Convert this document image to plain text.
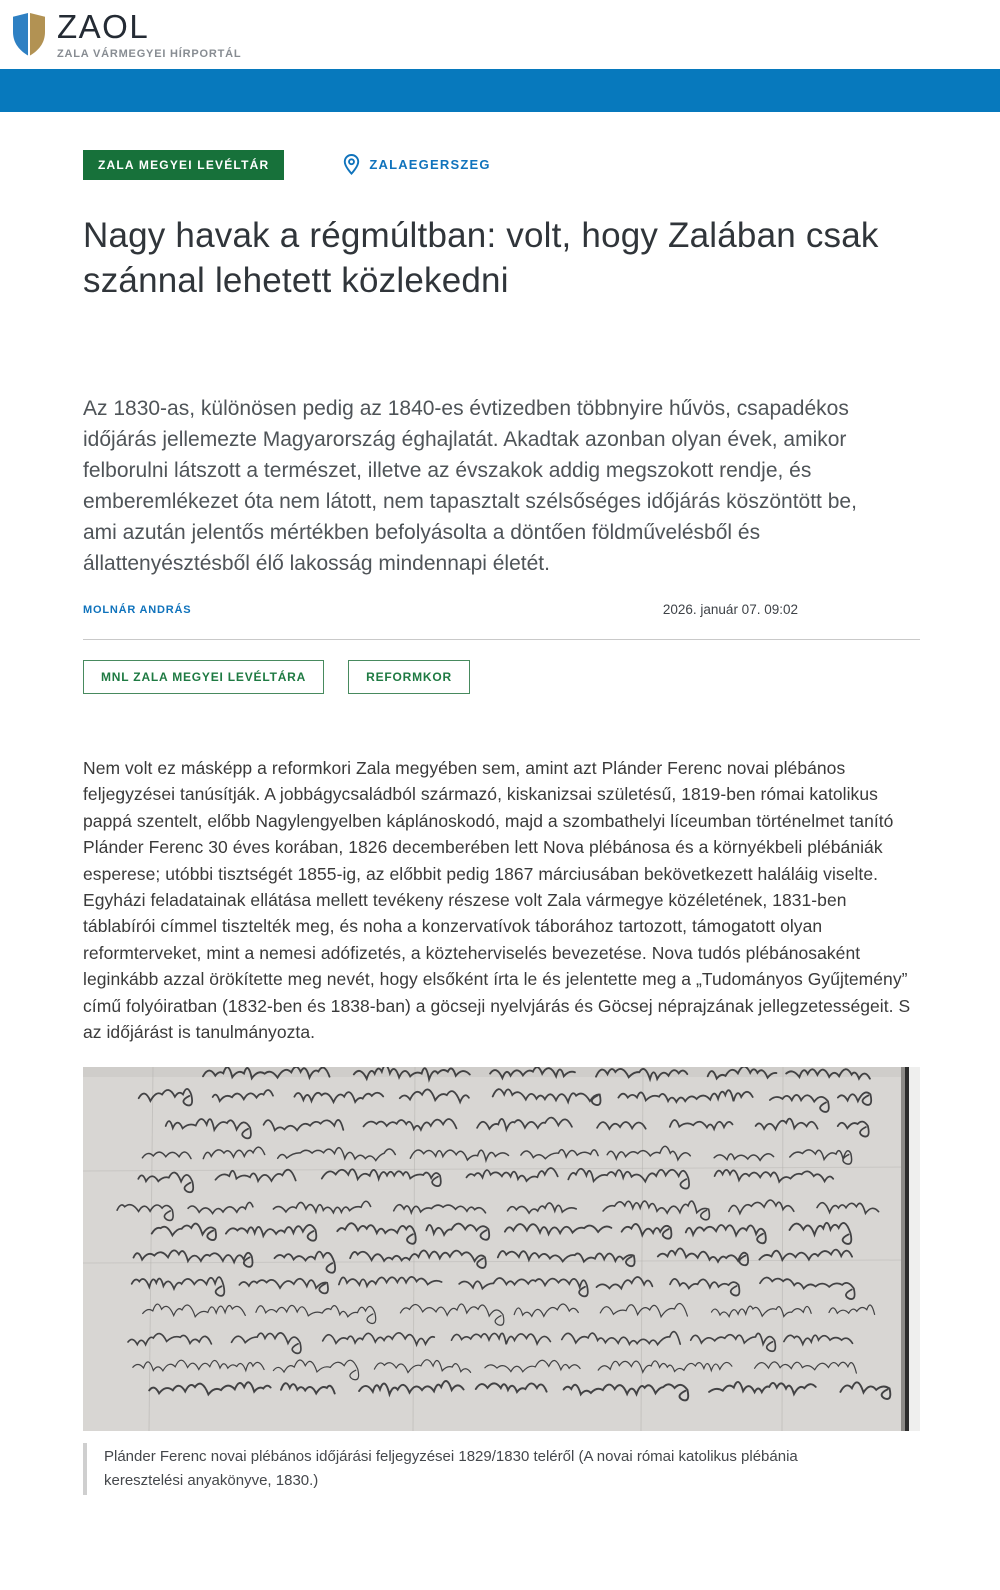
ZAOL
ZALA VÁRMEGYEI HÍRPORTÁL
ZALA MEGYEI LEVÉLTÁR	ZALAEGERSZEG
Nagy havak a régmúltban: volt, hogy Zalában csak szánnal lehetett közlekedni

Az 1830-as, különösen pedig az 1840-es évtizedben többnyire hűvös, csapadékos időjárás jellemezte Magyarország éghajlatát. Akadtak azonban olyan évek, amikor felborulni látszott a természet, illetve az évszakok addig megszokott rendje, és emberemlékezet óta nem látott, nem tapasztalt szélsőséges időjárás köszöntött be, ami azután jelentős mértékben befolyásolta a döntően földművelésből és állattenyésztésből élő lakosság mindennapi életét.

MOLNÁR ANDRÁS	2026. január 07. 09:02
MNL ZALA MEGYEI LEVÉLTÁRA	REFORMKOR

Nem volt ez másképp a reformkori Zala megyében sem, amint azt Plánder Ferenc novai plébános feljegyzései tanúsítják. A jobbágycsaládból származó, kiskanizsai születésű, 1819-ben római katolikus pappá szentelt, előbb Nagylengyelben káplánoskodó, majd a szombathelyi líceumban történelmet tanító Plánder Ferenc 30 éves korában, 1826 decemberében lett Nova plébánosa és a környékbeli plébániák esperese; utóbbi tisztségét 1855-ig, az előbbit pedig 1867 márciusában bekövetkezett haláláig viselte. Egyházi feladatainak ellátása mellett tevékeny részese volt Zala vármegye közéletének, 1831-ben táblabírói címmel tisztelték meg, és noha a konzervatívok táborához tartozott, támogatott olyan reformterveket, mint a nemesi adófizetés, a közteherviselés bevezetése. Nova tudós plébánosaként leginkább azzal örökítette meg nevét, hogy elsőként írta le és jelentette meg a „Tudományos Gyűjtemény” című folyóiratban (1832-ben és 1838-ban) a göcseji nyelvjárás és Göcsej néprajzának jellegzetességeit. S az időjárást is tanulmányozta.

Plánder Ferenc novai plébános időjárási feljegyzései 1829/1830 teléről (A novai római katolikus plébánia keresztelési anyakönyve, 1830.)
